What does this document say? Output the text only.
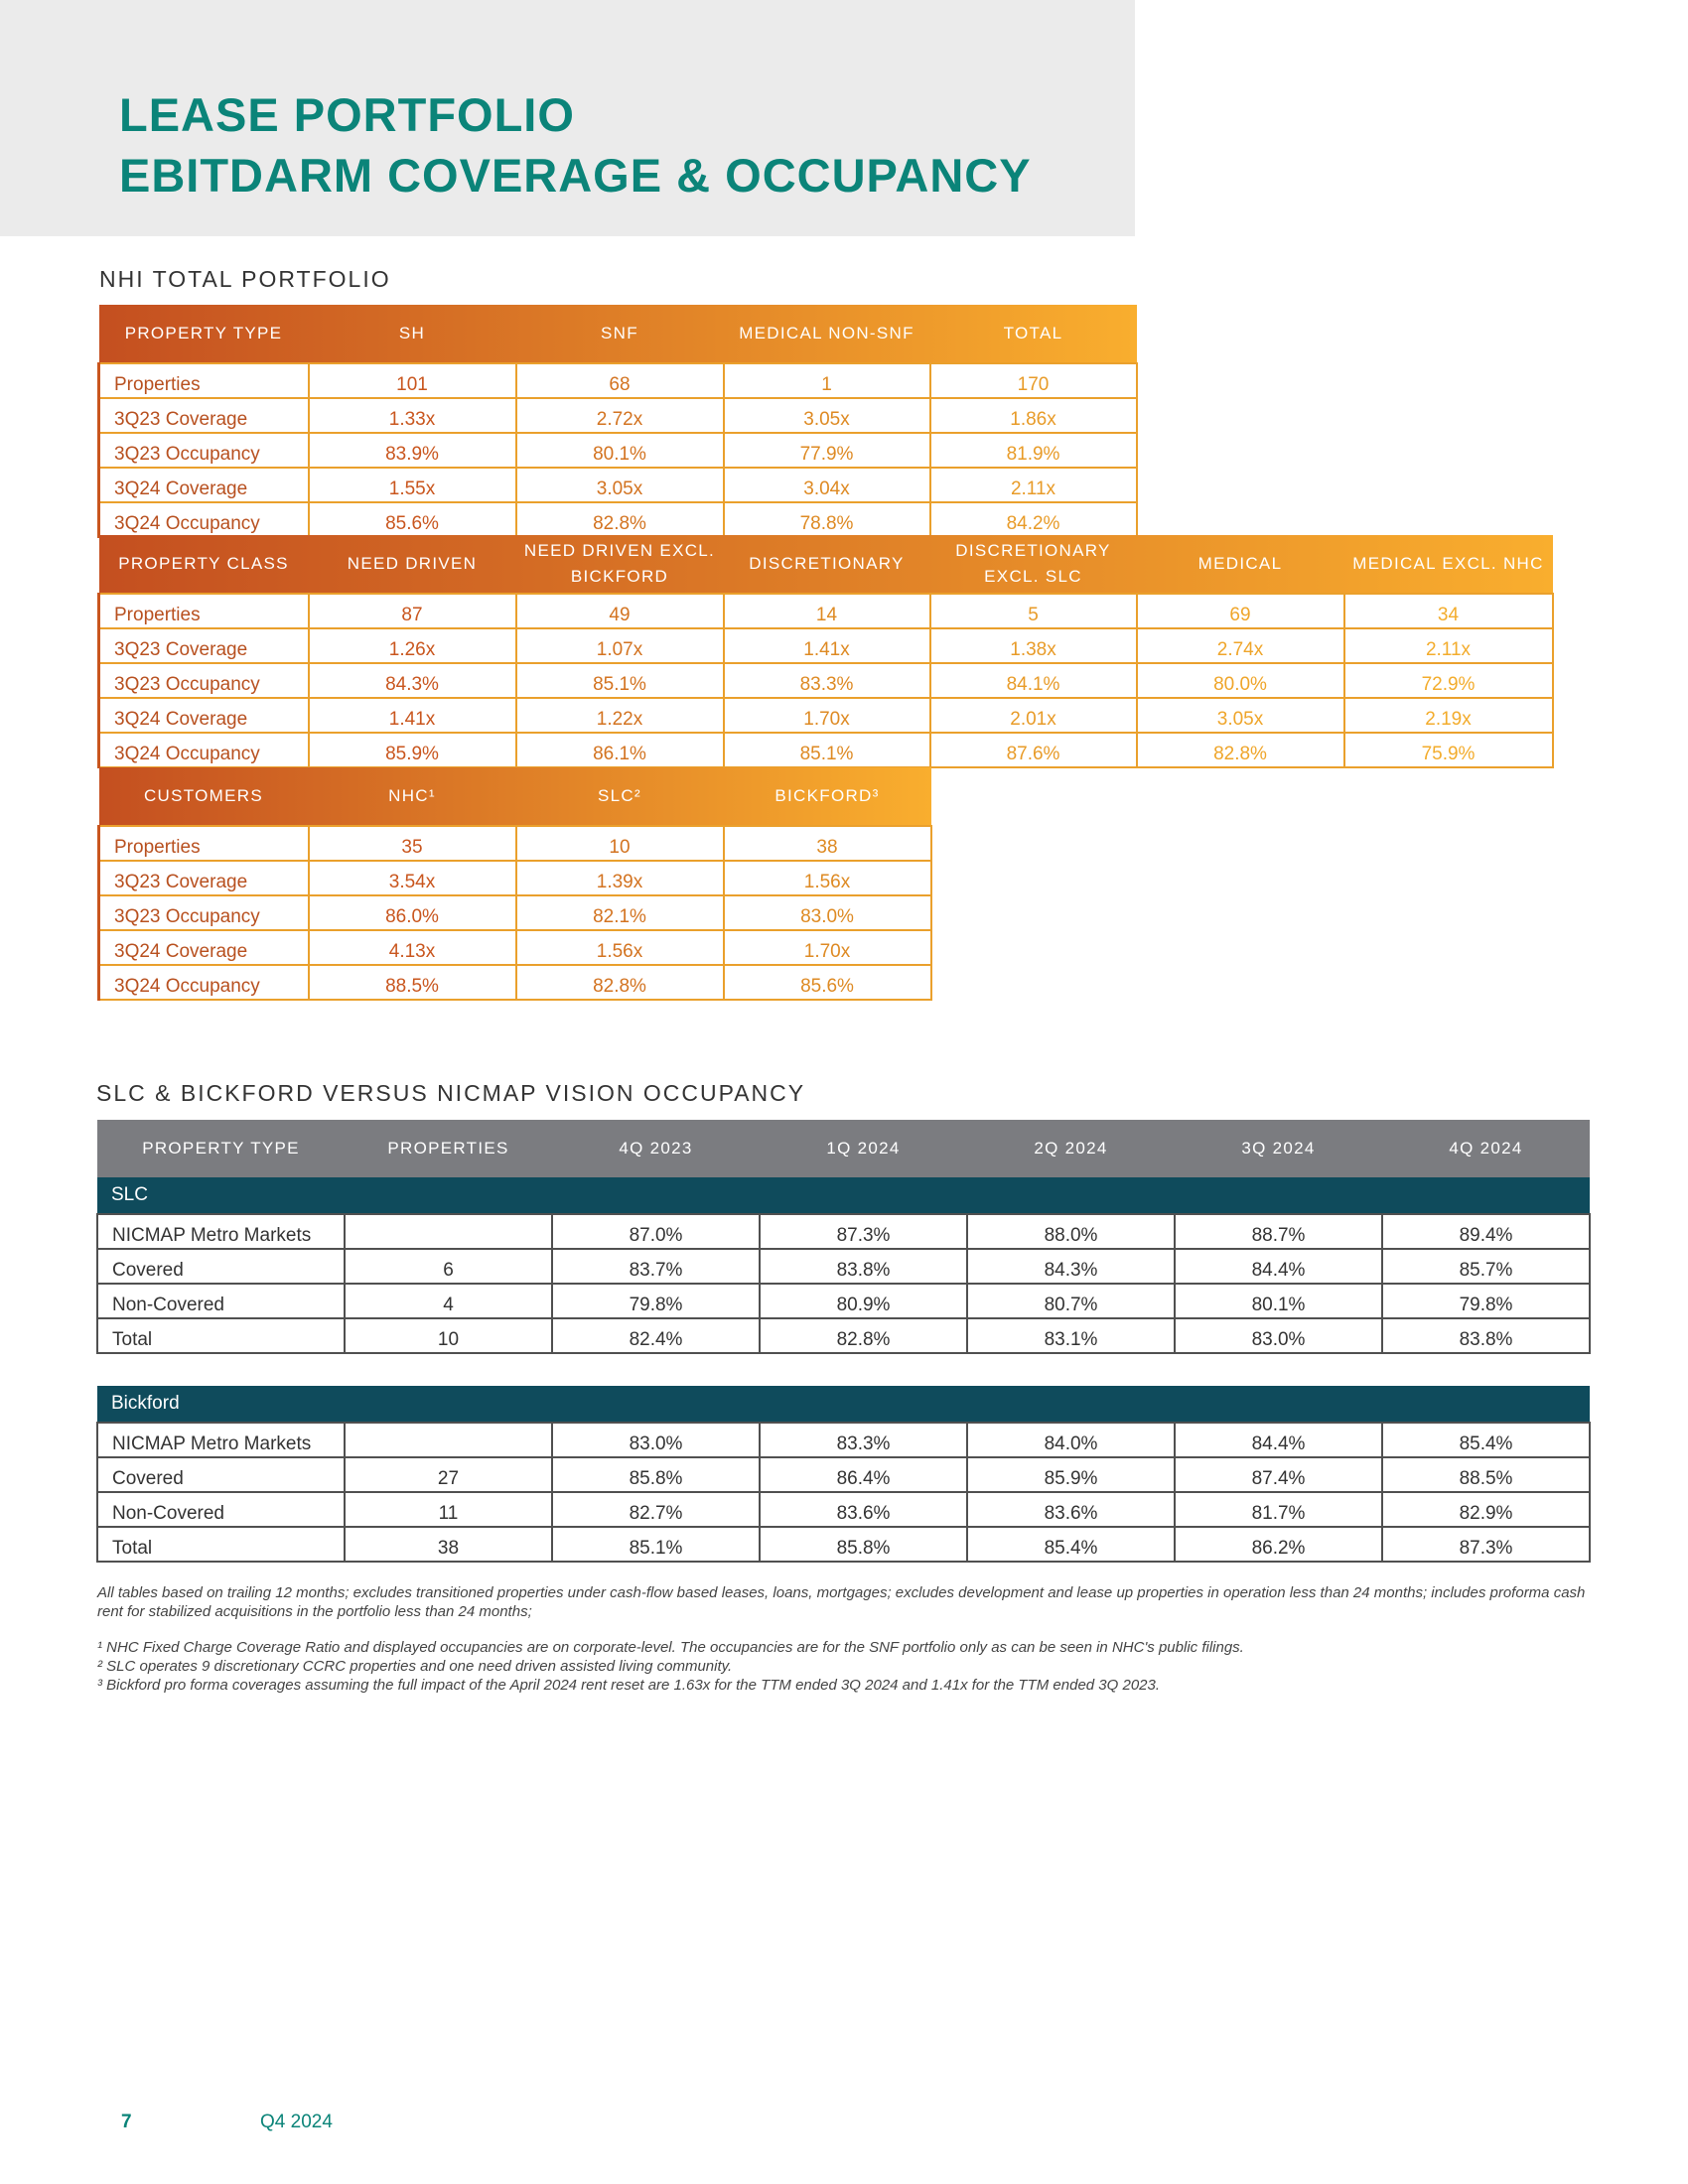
LEASE PORTFOLIO
EBITDARM COVERAGE & OCCUPANCY
NHI TOTAL PORTFOLIO
PROPERTY TYPE	SH	SNF	MEDICAL NON-SNF	TOTAL
Properties	101	68	1	170
3Q23 Coverage	1.33x	2.72x	3.05x	1.86x
3Q23 Occupancy	83.9%	80.1%	77.9%	81.9%
3Q24 Coverage	1.55x	3.05x	3.04x	2.11x
3Q24 Occupancy	85.6%	82.8%	78.8%	84.2%
PROPERTY CLASS	NEED DRIVEN	NEED DRIVEN EXCL. BICKFORD	DISCRETIONARY	DISCRETIONARY EXCL. SLC	MEDICAL	MEDICAL EXCL. NHC
Properties	87	49	14	5	69	34
3Q23 Coverage	1.26x	1.07x	1.41x	1.38x	2.74x	2.11x
3Q23 Occupancy	84.3%	85.1%	83.3%	84.1%	80.0%	72.9%
3Q24 Coverage	1.41x	1.22x	1.70x	2.01x	3.05x	2.19x
3Q24 Occupancy	85.9%	86.1%	85.1%	87.6%	82.8%	75.9%
CUSTOMERS	NHC¹	SLC²	BICKFORD³
Properties	35	10	38
3Q23 Coverage	3.54x	1.39x	1.56x
3Q23 Occupancy	86.0%	82.1%	83.0%
3Q24 Coverage	4.13x	1.56x	1.70x
3Q24 Occupancy	88.5%	82.8%	85.6%
SLC & BICKFORD VERSUS NICMAP VISION OCCUPANCY
PROPERTY TYPE	PROPERTIES	4Q 2023	1Q 2024	2Q 2024	3Q 2024	4Q 2024
SLC						
NICMAP Metro Markets		87.0%	87.3%	88.0%	88.7%	89.4%
Covered	6	83.7%	83.8%	84.3%	84.4%	85.7%
Non-Covered	4	79.8%	80.9%	80.7%	80.1%	79.8%
Total	10	82.4%	82.8%	83.1%	83.0%	83.8%

Bickford						
NICMAP Metro Markets		83.0%	83.3%	84.0%	84.4%	85.4%
Covered	27	85.8%	86.4%	85.9%	87.4%	88.5%
Non-Covered	11	82.7%	83.6%	83.6%	81.7%	82.9%
Total	38	85.1%	85.8%	85.4%	86.2%	87.3%

All tables based on trailing 12 months; excludes transitioned properties under cash-flow based leases, loans, mortgages; excludes development and lease up properties in operation less than 24 months; includes proforma cash rent for stabilized acquisitions in the portfolio less than 24 months;

¹ NHC Fixed Charge Coverage Ratio and displayed occupancies are on corporate-level. The occupancies are for the SNF portfolio only as can be seen in NHC's public filings.

² SLC operates 9 discretionary CCRC properties and one need driven assisted living community.

³ Bickford pro forma coverages assuming the full impact of the April 2024 rent reset are 1.63x for the TTM ended 3Q 2024 and 1.41x for the TTM ended 3Q 2023.

7	Q4 2024
